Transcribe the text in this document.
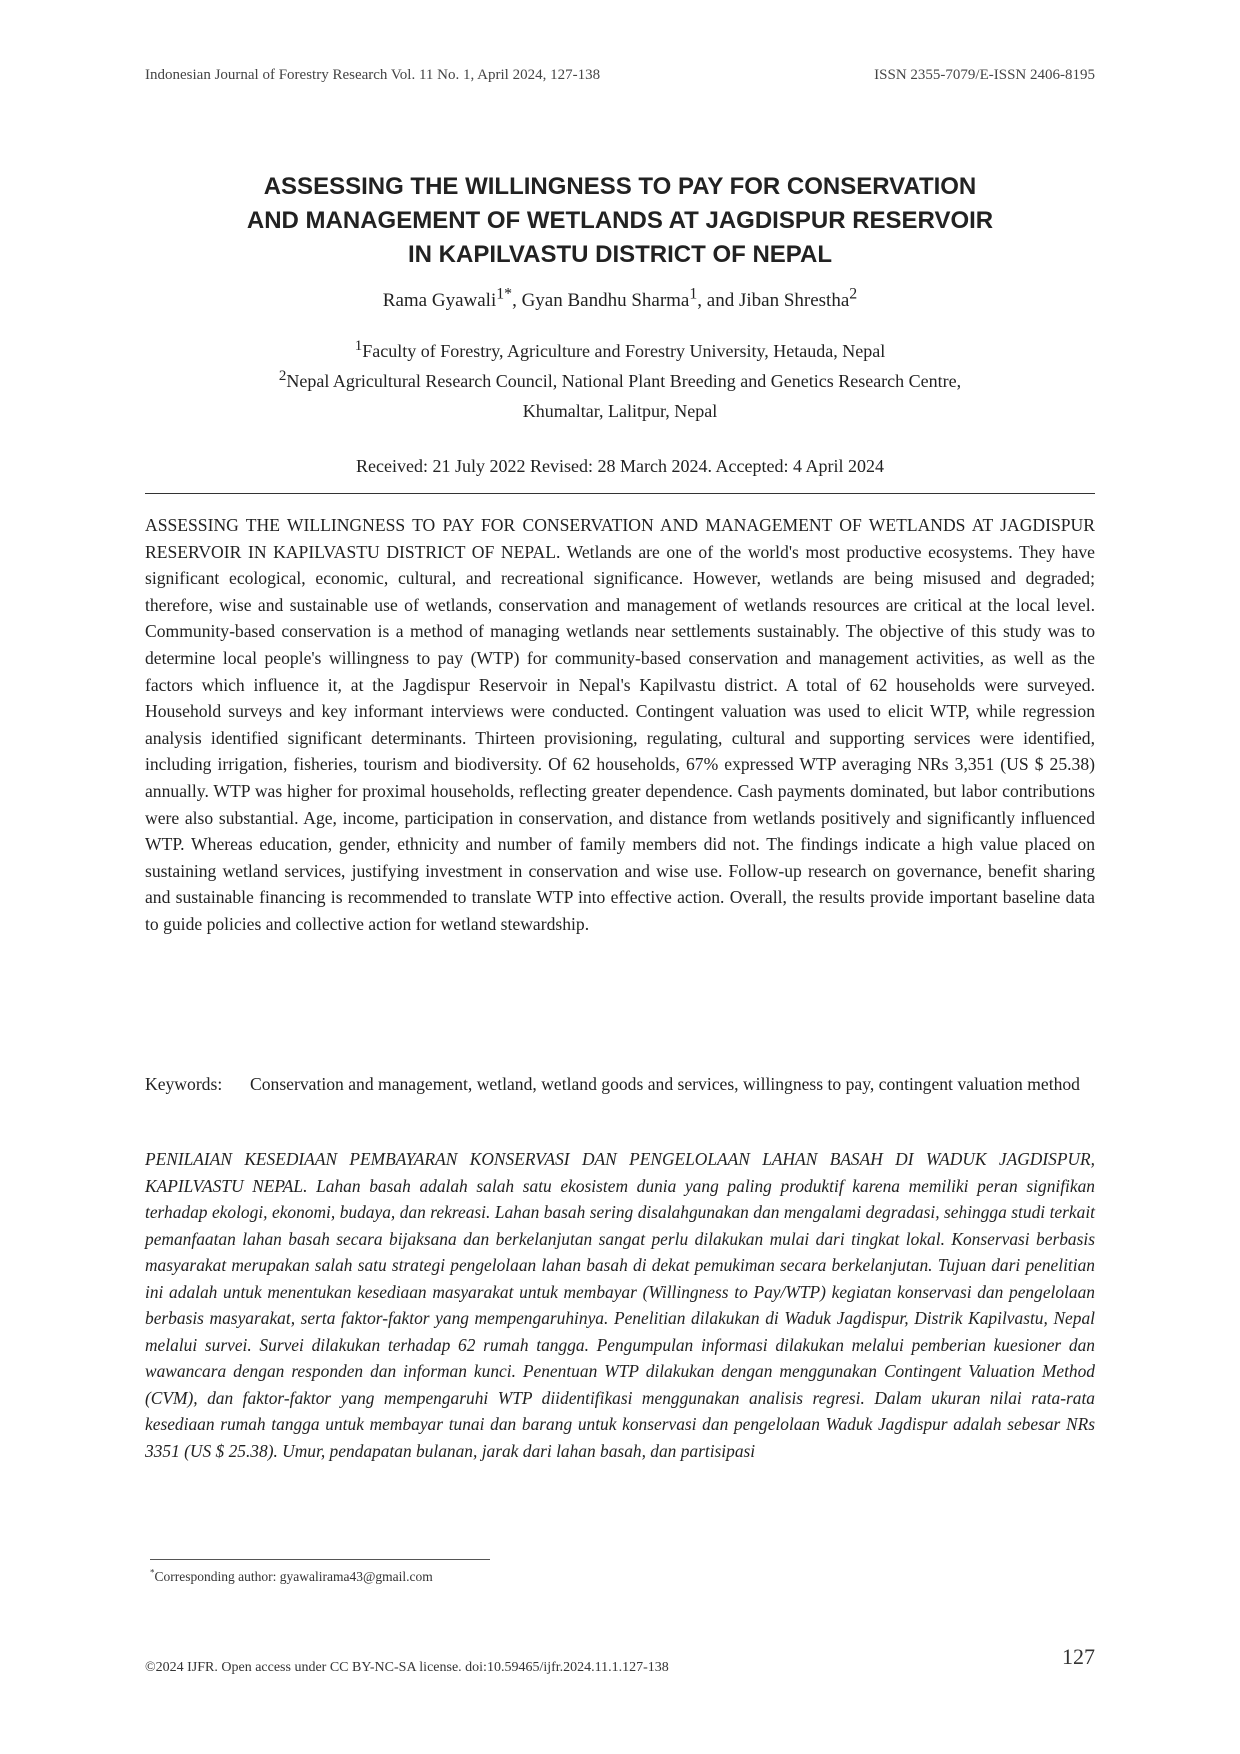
Indonesian Journal of Forestry Research Vol. 11 No. 1, April 2024, 127-138	ISSN 2355-7079/E-ISSN 2406-8195
ASSESSING THE WILLINGNESS TO PAY FOR CONSERVATION
AND MANAGEMENT OF WETLANDS AT JAGDISPUR RESERVOIR
IN KAPILVASTU DISTRICT OF NEPAL
Rama Gyawali$^{1*}$, Gyan Bandhu Sharma$^1$, and Jiban Shrestha$^2$
$^1$Faculty of Forestry, Agriculture and Forestry University, Hetauda, Nepal
$^2$Nepal Agricultural Research Council, National Plant Breeding and Genetics Research Centre,
Khumaltar, Lalitpur, Nepal
Received: 21 July 2022 Revised: 28 March 2024. Accepted: 4 April 2024

ASSESSING THE WILLINGNESS TO PAY FOR CONSERVATION AND MANAGEMENT OF WETLANDS AT JAGDISPUR RESERVOIR IN KAPILVASTU DISTRICT OF NEPAL. Wetlands are one of the world's most productive ecosystems. They have significant ecological, economic, cultural, and recreational significance. However, wetlands are being misused and degraded; therefore, wise and sustainable use of wetlands, conservation and management of wetlands resources are critical at the local level. Community-based conservation is a method of managing wetlands near settlements sustainably. The objective of this study was to determine local people's willingness to pay (WTP) for community-based conservation and management activities, as well as the factors which influence it, at the Jagdispur Reservoir in Nepal's Kapilvastu district. A total of 62 households were surveyed. Household surveys and key informant interviews were conducted. Contingent valuation was used to elicit WTP, while regression analysis identified significant determinants. Thirteen provisioning, regulating, cultural and supporting services were identified, including irrigation, fisheries, tourism and biodiversity. Of 62 households, 67% expressed WTP averaging NRs 3,351 (US $ 25.38) annually. WTP was higher for proximal households, reflecting greater dependence. Cash payments dominated, but labor contributions were also substantial. Age, income, participation in conservation, and distance from wetlands positively and significantly influenced WTP. Whereas education, gender, ethnicity and number of family members did not. The findings indicate a high value placed on sustaining wetland services, justifying investment in conservation and wise use. Follow-up research on governance, benefit sharing and sustainable financing is recommended to translate WTP into effective action. Overall, the results provide important baseline data to guide policies and collective action for wetland stewardship.

Keywords: Conservation and management, wetland, wetland goods and services, willingness to pay, contingent valuation method

PENILAIAN KESEDIAAN PEMBAYARAN KONSERVASI DAN PENGELOLAAN LAHAN BASAH DI WADUK JAGDISPUR, KAPILVASTU NEPAL. Lahan basah adalah salah satu ekosistem dunia yang paling produktif karena memiliki peran signifikan terhadap ekologi, ekonomi, budaya, dan rekreasi. Lahan basah sering disalahgunakan dan mengalami degradasi, sehingga studi terkait pemanfaatan lahan basah secara bijaksana dan berkelanjutan sangat perlu dilakukan mulai dari tingkat lokal. Konservasi berbasis masyarakat merupakan salah satu strategi pengelolaan lahan basah di dekat pemukiman secara berkelanjutan. Tujuan dari penelitian ini adalah untuk menentukan kesediaan masyarakat untuk membayar (Willingness to Pay/WTP) kegiatan konservasi dan pengelolaan berbasis masyarakat, serta faktor-faktor yang mempengaruhinya. Penelitian dilakukan di Waduk Jagdispur, Distrik Kapilvastu, Nepal melalui survei. Survei dilakukan terhadap 62 rumah tangga. Pengumpulan informasi dilakukan melalui pemberian kuesioner dan wawancara dengan responden dan informan kunci. Penentuan WTP dilakukan dengan menggunakan Contingent Valuation Method (CVM), dan faktor-faktor yang mempengaruhi WTP diidentifikasi menggunakan analisis regresi. Dalam ukuran nilai rata-rata kesediaan rumah tangga untuk membayar tunai dan barang untuk konservasi dan pengelolaan Waduk Jagdispur adalah sebesar NRs 3351 (US $ 25.38). Umur, pendapatan bulanan, jarak dari lahan basah, dan partisipasi

*Corresponding author: gyawalirama43@gmail.com
©2024 IJFR. Open access under CC BY-NC-SA license. doi:10.59465/ijfr.2024.11.1.127-138	127
